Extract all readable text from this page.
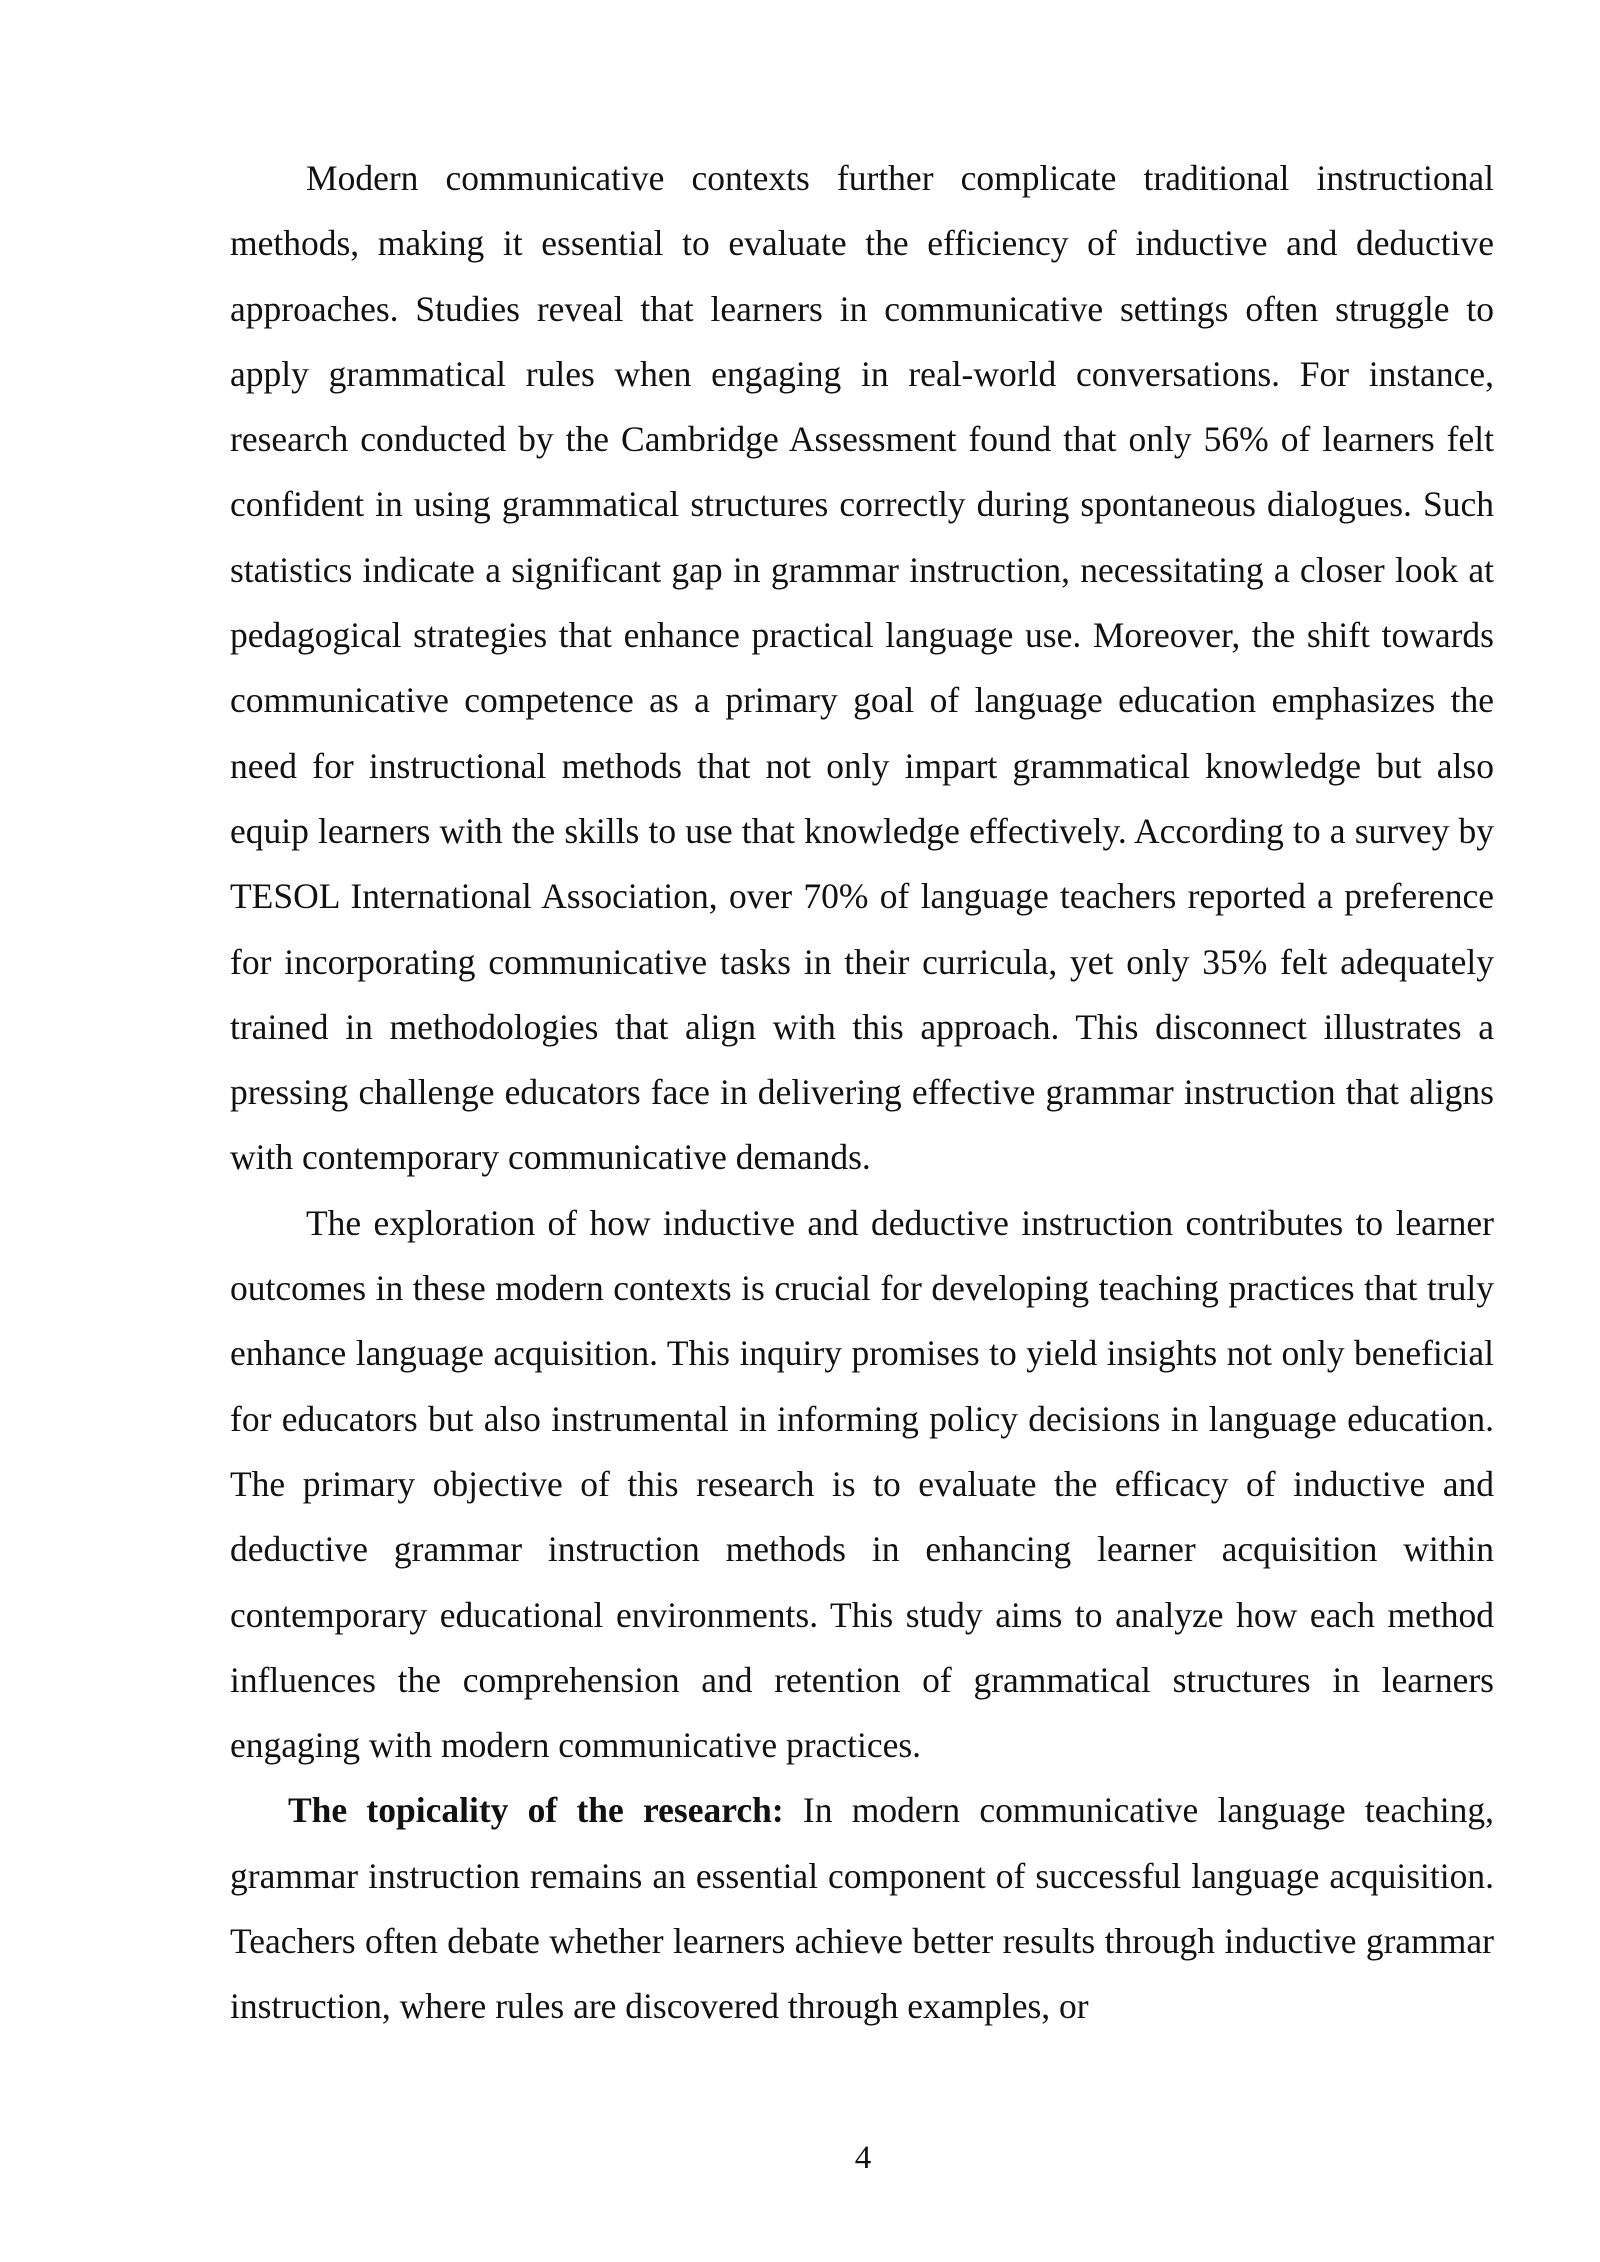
Modern communicative contexts further complicate traditional instructional methods, making it essential to evaluate the efficiency of inductive and deductive approaches. Studies reveal that learners in communicative settings often struggle to apply grammatical rules when engaging in real-world conversations. For instance, research conducted by the Cambridge Assessment found that only 56% of learners felt confident in using grammatical structures correctly during spontaneous dialogues. Such statistics indicate a significant gap in grammar instruction, necessitating a closer look at pedagogical strategies that enhance practical language use. Moreover, the shift towards communicative competence as a primary goal of language education emphasizes the need for instructional methods that not only impart grammatical knowledge but also equip learners with the skills to use that knowledge effectively. According to a survey by TESOL International Association, over 70% of language teachers reported a preference for incorporating communicative tasks in their curricula, yet only 35% felt adequately trained in methodologies that align with this approach. This disconnect illustrates a pressing challenge educators face in delivering effective grammar instruction that aligns with contemporary communicative demands.

The exploration of how inductive and deductive instruction contributes to learner outcomes in these modern contexts is crucial for developing teaching practices that truly enhance language acquisition. This inquiry promises to yield insights not only beneficial for educators but also instrumental in informing policy decisions in language education. The primary objective of this research is to evaluate the efficacy of inductive and deductive grammar instruction methods in enhancing learner acquisition within contemporary educational environments. This study aims to analyze how each method influences the comprehension and retention of grammatical structures in learners engaging with modern communicative practices.

The topicality of the research: In modern communicative language teaching, grammar instruction remains an essential component of successful language acquisition. Teachers often debate whether learners achieve better results through inductive grammar instruction, where rules are discovered through examples, or

4
